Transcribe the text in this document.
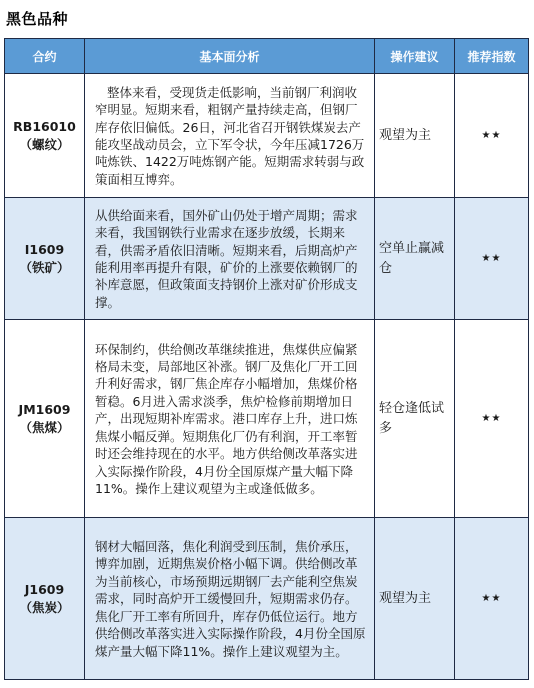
黑色品种
合约	基本面分析	操作建议	推荐指数

RB16010
（螺纹）	整体来看，受现货走低影响，当前钢厂利润收窄明显。短期来看，粗钢产量持续走高，但钢厂库存依旧偏低。26日，河北省召开钢铁煤炭去产能攻坚战动员会，立下军令状，今年压减1726万吨炼铁、1422万吨炼钢产能。短期需求转弱与政策面相互博弈。	观望为主	★★

I1609
（铁矿）	从供给面来看，国外矿山仍处于增产周期；需求来看，我国钢铁行业需求在逐步放缓，长期来看，供需矛盾依旧清晰。短期来看，后期高炉产能利用率再提升有限，矿价的上涨要依赖钢厂的补库意愿，但政策面支持钢价上涨对矿价形成支撑。	空单止赢减仓	★★

JM1609
（焦煤）	环保制约，供给侧改革继续推进，焦煤供应偏紧格局未变，局部地区补涨。钢厂及焦化厂开工回升利好需求，钢厂焦企库存小幅增加，焦煤价格暂稳。6月进入需求淡季，焦炉检修前期增加日产，出现短期补库需求。港口库存上升，进口炼焦煤小幅反弹。短期焦化厂仍有利润，开工率暂时还会维持现在的水平。地方供给侧改革落实进入实际操作阶段，4月份全国原煤产量大幅下降11%。操作上建议观望为主或逢低做多。	轻仓逢低试多	★★

J1609
（焦炭）	钢材大幅回落，焦化利润受到压制，焦价承压，博弈加剧，近期焦炭价格小幅下调。供给侧改革为当前核心，市场预期远期钢厂去产能利空焦炭需求，同时高炉开工缓慢回升，短期需求仍存。焦化厂开工率有所回升，库存仍低位运行。地方供给侧改革落实进入实际操作阶段，4月份全国原煤产量大幅下降11%。操作上建议观望为主。	观望为主	★★
